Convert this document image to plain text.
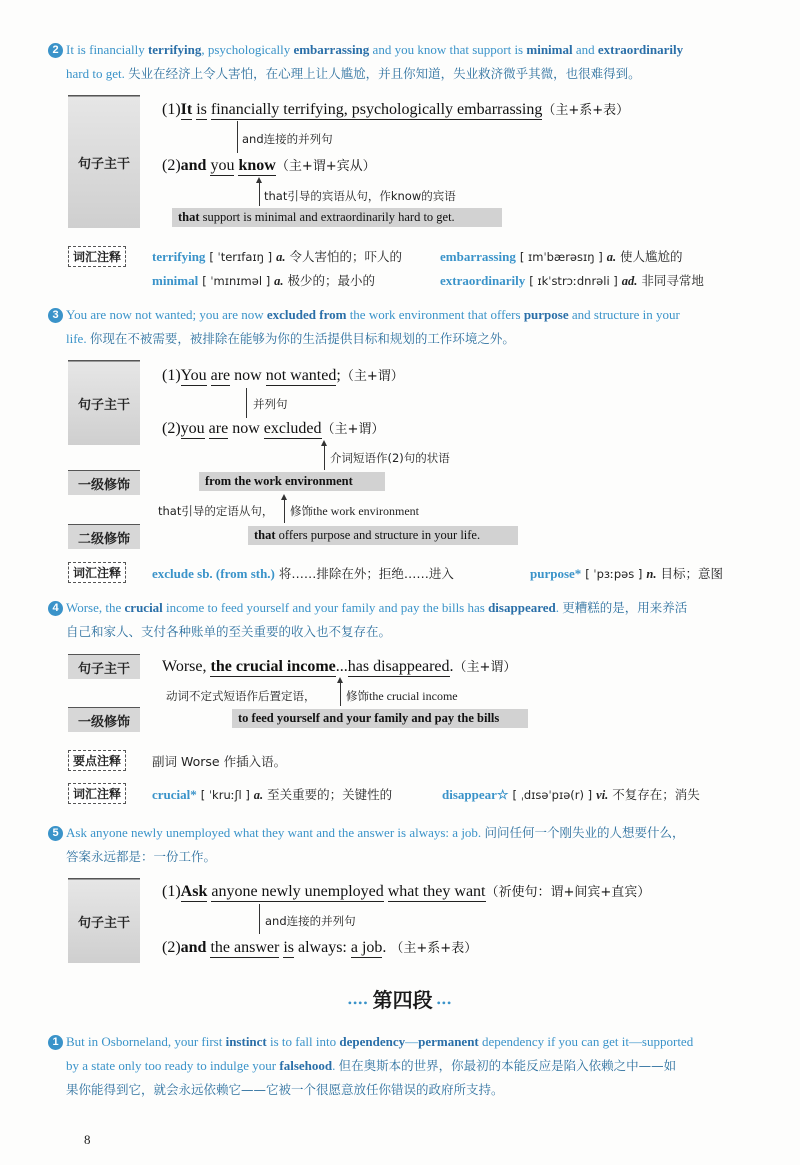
2 It is financially terrifying, psychologically embarrassing and you know that support is minimal and extraordinarily
hard to get. 失业在经济上令人害怕，在心理上让人尴尬，并且你知道，失业救济微乎其微，也很难得到。
句子主干
(1)It is financially terrifying, psychologically embarrassing（主+系+表）
and连接的并列句
(2)and you know（主+谓+宾从）
that引导的宾语从句，作know的宾语
that support is minimal and extraordinarily hard to get.
词汇注释	terrifying [ ˈterɪfaɪŋ ] a. 令人害怕的；吓人的	embarrassing [ ɪmˈbærəsɪŋ ] a. 使人尴尬的
minimal [ ˈmɪnɪməl ] a. 极少的；最小的	extraordinarily [ ɪkˈstrɔːdnrəli ] ad. 非同寻常地
3 You are now not wanted; you are now excluded from the work environment that offers purpose and structure in your
life. 你现在不被需要，被排除在能够为你的生活提供目标和规划的工作环境之外。
句子主干
(1)You are now not wanted;（主+谓）
并列句
(2)you are now excluded（主+谓）
介词短语作(2)句的状语
一级修饰	from the work environment
that引导的定语从句， 修饰the work environment
二级修饰	that offers purpose and structure in your life.
词汇注释	exclude sb. (from sth.) 将……排除在外；拒绝……进入	purpose* [ ˈpɜːpəs ] n. 目标；意图
4 Worse, the crucial income to feed yourself and your family and pay the bills has disappeared. 更糟糕的是，用来养活
自己和家人、支付各种账单的至关重要的收入也不复存在。
句子主干 Worse, the crucial income...has disappeared.（主+谓）
动词不定式短语作后置定语，	修饰the crucial income
一级修饰	to feed yourself and your family and pay the bills
要点注释	副词 Worse 作插入语。
词汇注释	crucial* [ ˈkruːʃl ] a. 至关重要的；关键性的	disappear☆ [ ˌdɪsəˈpɪə(r) ] vi. 不复存在；消失
5 Ask anyone newly unemployed what they want and the answer is always: a job. 问问任何一个刚失业的人想要什么，
答案永远都是：一份工作。
句子主干
(1)Ask anyone newly unemployed what they want（祈使句：谓+间宾+直宾）
and连接的并列句
(2)and the answer is always: a job. （主+系+表）
•••• 第四段 •••
1 But in Osborneland, your first instinct is to fall into dependency—permanent dependency if you can get it—supported
by a state only too ready to indulge your falsehood. 但在奥斯本的世界，你最初的本能反应是陷入依赖之中——如
果你能得到它，就会永远依赖它——它被一个很愿意放任你错误的政府所支持。
8
